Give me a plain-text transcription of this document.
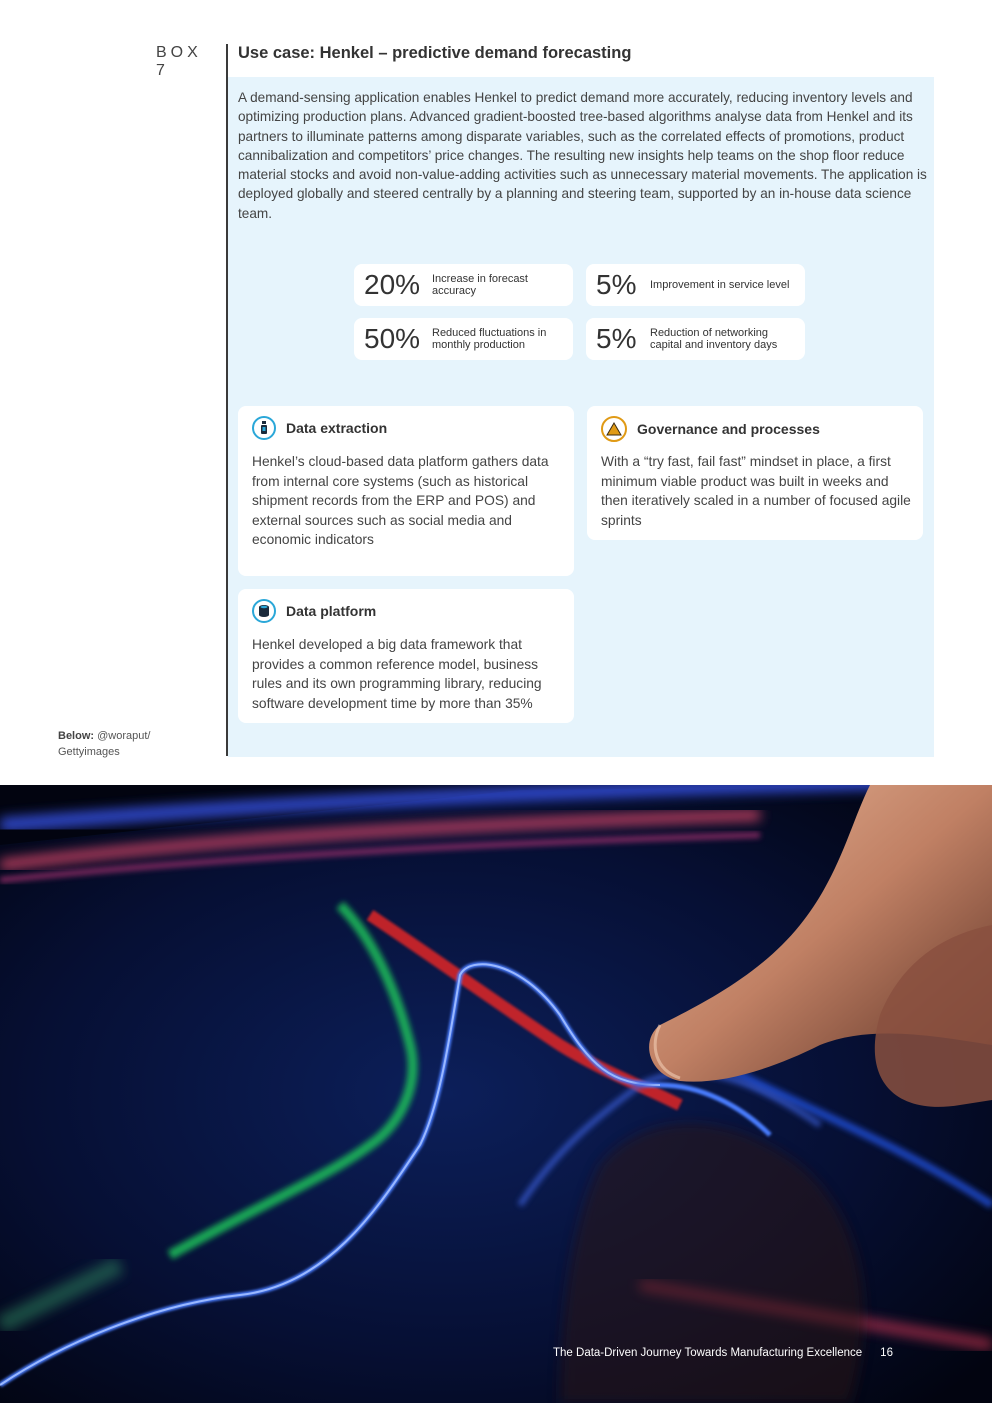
BOX 7
Use case: Henkel – predictive demand forecasting
A demand-sensing application enables Henkel to predict demand more accurately, reducing inventory levels and optimizing production plans. Advanced gradient-boosted tree-based algorithms analyse data from Henkel and its partners to illuminate patterns among disparate variables, such as the correlated effects of promotions, product cannibalization and competitors’ price changes. The resulting new insights help teams on the shop floor reduce material stocks and avoid non-value-adding activities such as unnecessary material movements. The application is deployed globally and steered centrally by a planning and steering team, supported by an in-house data science team.
20% Increase in forecast accuracy	5%	Improvement in service level
50% Reduced fluctuations in monthly production	5%	Reduction of networking capital and inventory days
Data extraction
Henkel’s cloud-based data platform gathers data from internal core systems (such as historical shipment records from the ERP and POS) and external sources such as social media and economic indicators
Governance and processes
With a “try fast, fail fast” mindset in place, a first minimum viable product was built in weeks and then iteratively scaled in a number of focused agile sprints
Data platform
Henkel developed a big data framework that provides a common reference model, business rules and its own programming library, reducing software development time by more than 35%
Below: @woraput/ Gettyimages
The Data-Driven Journey Towards Manufacturing Excellence 16
